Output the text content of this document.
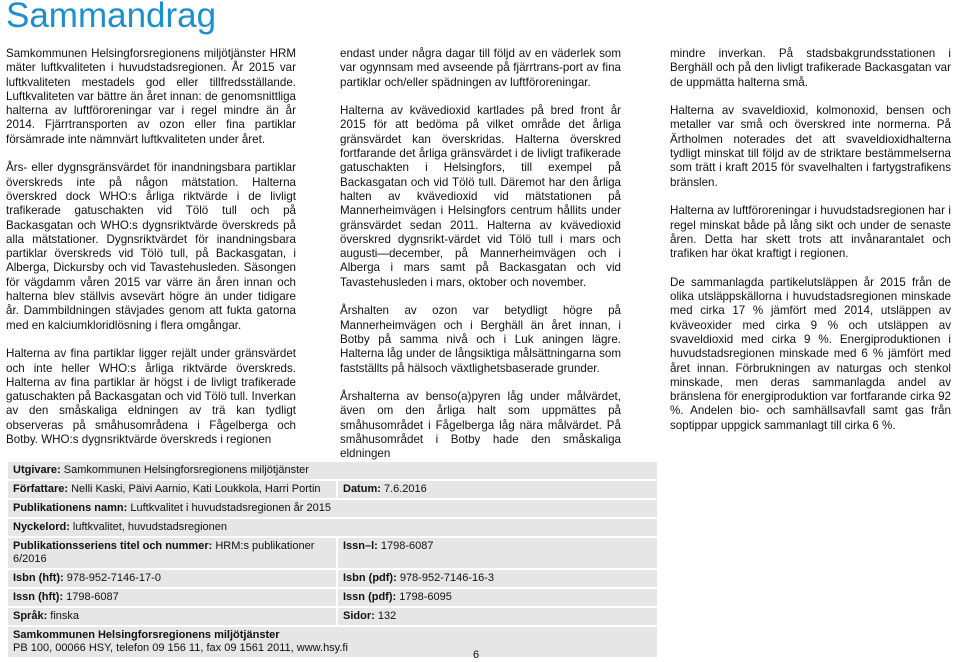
Sammandrag

Samkommunen Helsingforsregionens miljötjänster HRM mäter luftkvaliteten i huvudstadsregionen. År 2015 var luftkvaliteten mestadels god eller tillfredsställande. Luftkvaliteten var bättre än året innan: de genomsnittliga halterna av luftföroreningar var i regel mindre än år 2014. Fjärrtransporten av ozon eller fina partiklar försämrade inte nämnvärt luftkvaliteten under året.

Års- eller dygnsgränsvärdet för inandningsbara partiklar överskreds inte på någon mätstation. Halterna överskred dock WHO:s årliga riktvärde i de livligt trafikerade gatuschakten vid Tölö tull och på Backasgatan och WHO:s dygnsriktvärde överskreds på alla mätstationer. Dygnsriktvärdet för inandningsbara partiklar överskreds vid Tölö tull, på Backasgatan, i Alberga, Dickursby och vid Tavastehusleden. Säsongen för vägdamm våren 2015 var värre än åren innan och halterna blev ställvis avsevärt högre än under tidigare år. Dammbildningen stävjades genom att fukta gatorna med en kalciumkloridlösning i flera omgångar.

Halterna av fina partiklar ligger rejält under gränsvärdet och inte heller WHO:s årliga riktvärde överskreds. Halterna av fina partiklar är högst i de livligt trafikerade gatuschakten på Backasgatan och vid Tölö tull. Inverkan av den småskaliga eldningen av trä kan tydligt observeras på småhusområdena i Fågelberga och Botby. WHO:s dygnsriktvärde överskreds i regionen

endast under några dagar till följd av en väderlek som var ogynnsam med avseende på fjärrtrans-port av fina partiklar och/eller spädningen av luftföroreningar.

Halterna av kvävedioxid kartlades på bred front år 2015 för att bedöma på vilket område det årliga gränsvärdet kan överskridas. Halterna överskred fortfarande det årliga gränsvärdet i de livligt trafikerade gatuschakten i Helsingfors, till exempel på Backasgatan och vid Tölö tull. Däremot har den årliga halten av kvävedioxid vid mätstationen på Mannerheimvägen i Helsingfors centrum hållits under gränsvärdet sedan 2011. Halterna av kvävedioxid överskred dygnsrikt-värdet vid Tölö tull i mars och augusti—december, på Mannerheimvägen och i Alberga i mars samt på Backasgatan och vid Tavastehusleden i mars, oktober och november.

Årshalten av ozon var betydligt högre på Mannerheimvägen och i Berghäll än året innan, i Botby på samma nivå och i Luk aningen lägre. Halterna låg under de långsiktiga målsättningarna som fastställts på hälsoch växtlighetsbaserade grunder.

Årshalterna av benso(a)pyren låg under målvärdet, även om den årliga halt som uppmättes på småhusområdet i Fågelberga låg nära målvärdet. På småhusområdet i Botby hade den småskaliga eldningen

mindre inverkan. På stadsbakgrundsstationen i Berghäll och på den livligt trafikerade Backasgatan var de uppmätta halterna små.

Halterna av svaveldioxid, kolmonoxid, bensen och metaller var små och överskred inte normerna. På Ärtholmen noterades det att svaveldioxidhalterna tydligt minskat till följd av de striktare bestämmelserna som trätt i kraft 2015 för svavelhalten i fartygstrafikens bränslen.

Halterna av luftföroreningar i huvudstadsregionen har i regel minskat både på lång sikt och under de senaste åren. Detta har skett trots att invånarantalet och trafiken har ökat kraftigt i regionen.

De sammanlagda partikelutsläppen år 2015 från de olika utsläppskällorna i huvudstadsregionen minskade med cirka 17 % jämfört med 2014, utsläppen av kväveoxider med cirka 9 % och utsläppen av svaveldioxid med cirka 9 %. Energiproduktionen i huvudstadsregionen minskade med 6 % jämfört med året innan. Förbrukningen av naturgas och stenkol minskade, men deras sammanlagda andel av bränslena för energiproduktion var fortfarande cirka 92 %. Andelen bio- och samhällsavfall samt gas från soptippar uppgick sammanlagt till cirka 6 %.

Utgivare: Samkommunen Helsingforsregionens miljötjänster	
Författare: Nelli Kaski, Päivi Aarnio, Kati Loukkola, Harri Portin	Datum: 7.6.2016
Publikationens namn: Luftkvalitet i huvudstadsregionen år 2015	
Nyckelord: luftkvalitet, huvudstadsregionen	
Publikationsseriens titel och nummer: HRM:s publikationer 6/2016	Issn–l: 1798-6087
Isbn (hft): 978-952-7146-17-0	Isbn (pdf): 978-952-7146-16-3
Issn (hft): 1798-6087	Issn (pdf): 1798-6095
Språk: finska	Sidor: 132
Samkommunen Helsingforsregionens miljötjänster
PB 100, 00066 HSY, telefon 09 156 11, fax 09 1561 2011, www.hsy.fi	
6
